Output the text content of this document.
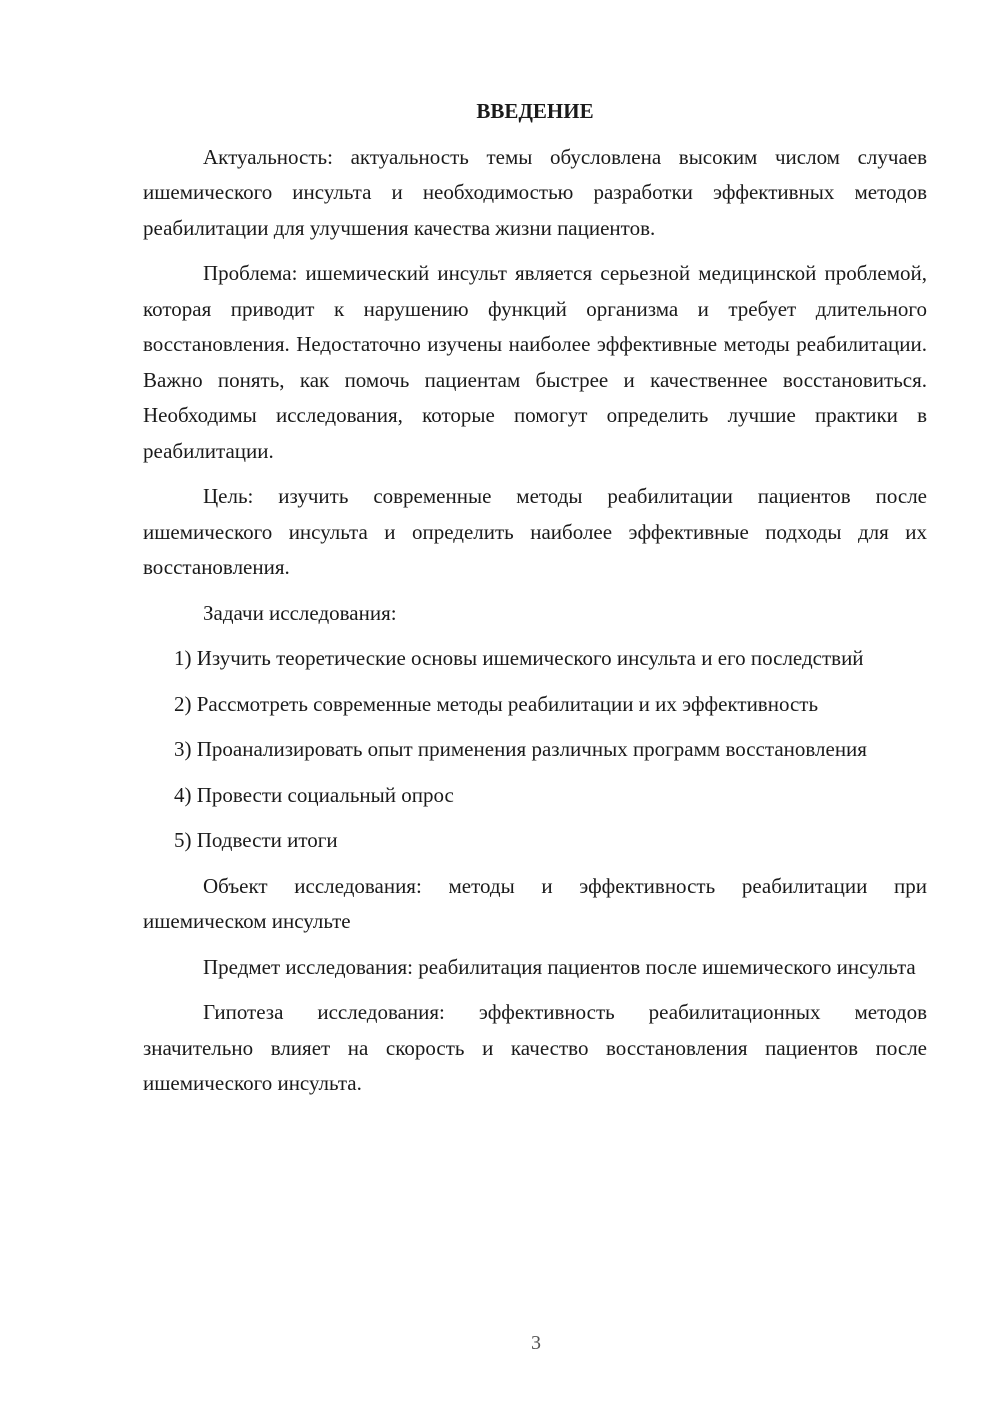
ВВЕДЕНИЕ

Актуальность: актуальность темы обусловлена высоким числом случаев ишемического инсульта и необходимостью разработки эффективных методов реабилитации для улучшения качества жизни пациентов.

Проблема: ишемический инсульт является серьезной медицинской проблемой, которая приводит к нарушению функций организма и требует длительного восстановления. Недостаточно изучены наиболее эффективные методы реабилитации. Важно понять, как помочь пациентам быстрее и качественнее восстановиться. Необходимы исследования, которые помогут определить лучшие практики в реабилитации.

Цель: изучить современные методы реабилитации пациентов после ишемического инсульта и определить наиболее эффективные подходы для их восстановления.

Задачи исследования:

1) Изучить теоретические основы ишемического инсульта и его последствий

2) Рассмотреть современные методы реабилитации и их эффективность

3) Проанализировать опыт применения различных программ восстановления

4) Провести социальный опрос

5) Подвести итоги

Объект исследования: методы и эффективность реабилитации при ишемическом инсульте

Предмет исследования: реабилитация пациентов после ишемического инсульта

Гипотеза исследования: эффективность реабилитационных методов значительно влияет на скорость и качество восстановления пациентов после ишемического инсульта.

3
